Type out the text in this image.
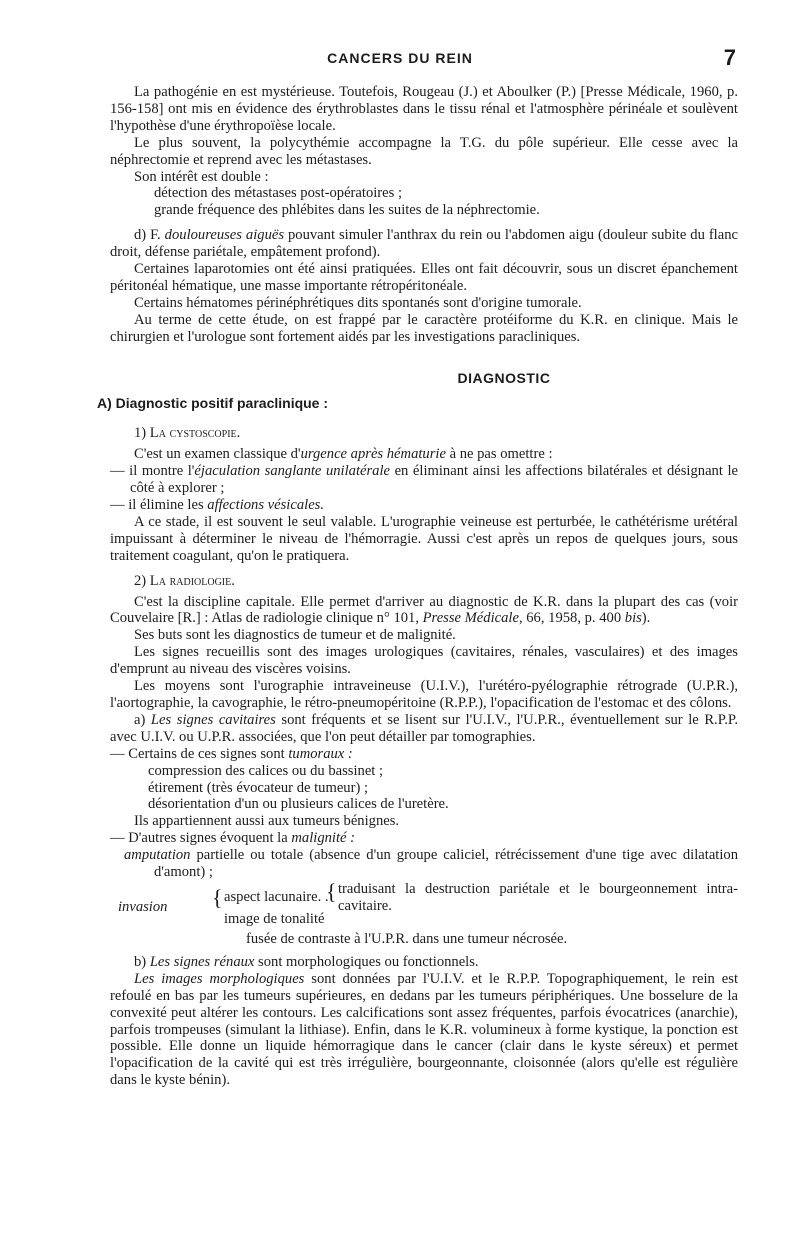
CANCERS DU REIN	7

La pathogénie en est mystérieuse. Toutefois, Rougeau (J.) et Aboulker (P.) [Presse Médicale, 1960, p. 156-158] ont mis en évidence des érythroblastes dans le tissu rénal et l'atmosphère périnéale et soulèvent l'hypothèse d'une érythropoïèse locale.

Le plus souvent, la polycythémie accompagne la T.G. du pôle supérieur. Elle cesse avec la néphrectomie et reprend avec les métastases.

Son intérêt est double :

détection des métastases post-opératoires ;

grande fréquence des phlébites dans les suites de la néphrectomie.

d) F. douloureuses aiguës pouvant simuler l'anthrax du rein ou l'abdomen aigu (douleur subite du flanc droit, défense pariétale, empâtement profond).

Certaines laparotomies ont été ainsi pratiquées. Elles ont fait découvrir, sous un discret épanchement péritonéal hématique, une masse importante rétropéritonéale.

Certains hématomes périnéphrétiques dits spontanés sont d'origine tumorale.

Au terme de cette étude, on est frappé par le caractère protéiforme du K.R. en clinique. Mais le chirurgien et l'urologue sont fortement aidés par les investigations paracliniques.

DIAGNOSTIC
A) Diagnostic positif paraclinique :

1) La cystoscopie.

C'est un examen classique d'urgence après hématurie à ne pas omettre :

— il montre l'éjaculation sanglante unilatérale en éliminant ainsi les affections bilatérales et désignant le côté à explorer ;

— il élimine les affections vésicales.

A ce stade, il est souvent le seul valable. L'urographie veineuse est perturbée, le cathétérisme urétéral impuissant à déterminer le niveau de l'hémorragie. Aussi c'est après un repos de quelques jours, sous traitement coagulant, qu'on le pratiquera.

2) La radiologie.

C'est la discipline capitale. Elle permet d'arriver au diagnostic de K.R. dans la plupart des cas (voir Couvelaire [R.] : Atlas de radiologie clinique n° 101, Presse Médicale, 66, 1958, p. 400 bis).

Ses buts sont les diagnostics de tumeur et de malignité.

Les signes recueillis sont des images urologiques (cavitaires, rénales, vasculaires) et des images d'emprunt au niveau des viscères voisins.

Les moyens sont l'urographie intraveineuse (U.I.V.), l'urétéro-pyélographie rétrograde (U.P.R.), l'aortographie, la cavographie, le rétro-pneumopéritoine (R.P.P.), l'opacification de l'estomac et des côlons.

a) Les signes cavitaires sont fréquents et se lisent sur l'U.I.V., l'U.P.R., éventuellement sur le R.P.P. avec U.I.V. ou U.P.R. associées, que l'on peut détailler par tomographies.

— Certains de ces signes sont tumoraux :

compression des calices ou du bassinet ;

étirement (très évocateur de tumeur) ;

désorientation d'un ou plusieurs calices de l'uretère.

Ils appartiennent aussi aux tumeurs bénignes.

— D'autres signes évoquent la malignité :

amputation partielle ou totale (absence d'un groupe caliciel, rétrécissement d'une tige avec dilatation d'amont) ;

invasion { aspect lacunaire. .
{ traduisant la destruction pariétale et le bourgeonnement intra-cavitaire.
image de tonalité

fusée de contraste à l'U.P.R. dans une tumeur nécrosée.

b) Les signes rénaux sont morphologiques ou fonctionnels.

Les images morphologiques sont données par l'U.I.V. et le R.P.P. Topographiquement, le rein est refoulé en bas par les tumeurs supérieures, en dedans par les tumeurs périphériques. Une bosselure de la convexité peut altérer les contours. Les calcifications sont assez fréquentes, parfois évocatrices (anarchie), parfois trompeuses (simulant la lithiase). Enfin, dans le K.R. volumineux à forme kystique, la ponction est possible. Elle donne un liquide hémorragique dans le cancer (clair dans le kyste séreux) et permet l'opacification de la cavité qui est très irrégulière, bourgeonnante, cloisonnée (alors qu'elle est régulière dans le kyste bénin).
